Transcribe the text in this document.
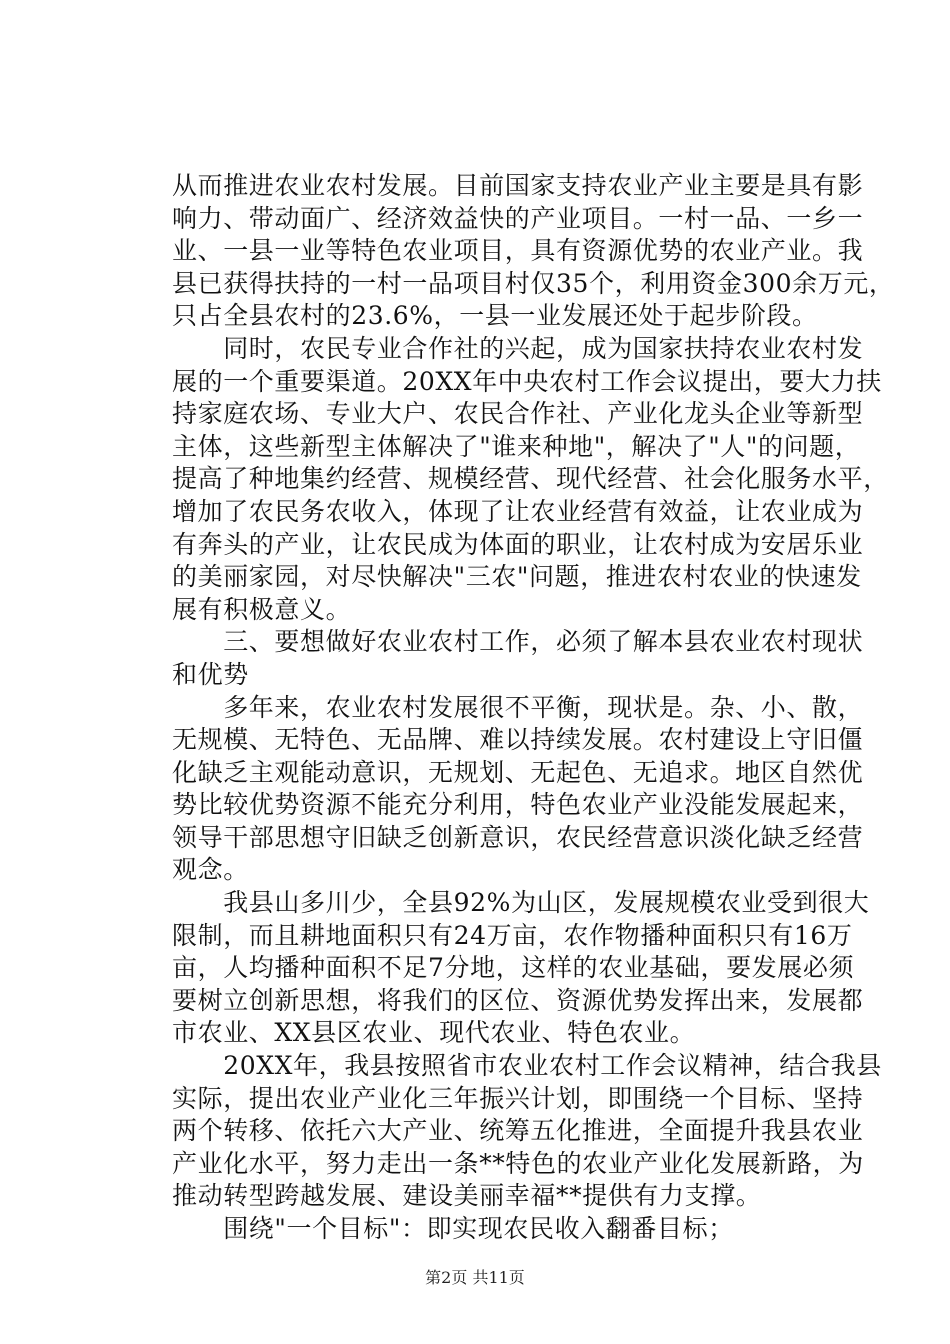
从而推进农业农村发展。目前国家支持农业产业主要是具有影
响力、带动面广、经济效益快的产业项目。一村一品、一乡一
业、一县一业等特色农业项目，具有资源优势的农业产业。我
县已获得扶持的一村一品项目村仅35个，利用资金300余万元，
只占全县农村的23.6%，一县一业发展还处于起步阶段。
　　同时，农民专业合作社的兴起，成为国家扶持农业农村发
展的一个重要渠道。20XX年中央农村工作会议提出，要大力扶
持家庭农场、专业大户、农民合作社、产业化龙头企业等新型
主体，这些新型主体解决了"谁来种地"，解决了"人"的问题，
提高了种地集约经营、规模经营、现代经营、社会化服务水平，
增加了农民务农收入，体现了让农业经营有效益，让农业成为
有奔头的产业，让农民成为体面的职业，让农村成为安居乐业
的美丽家园，对尽快解决"三农"问题，推进农村农业的快速发
展有积极意义。
　　三、要想做好农业农村工作，必须了解本县农业农村现状
和优势
　　多年来，农业农村发展很不平衡，现状是。杂、小、散，
无规模、无特色、无品牌、难以持续发展。农村建设上守旧僵
化缺乏主观能动意识，无规划、无起色、无追求。地区自然优
势比较优势资源不能充分利用，特色农业产业没能发展起来，
领导干部思想守旧缺乏创新意识，农民经营意识淡化缺乏经营
观念。
　　我县山多川少，全县92%为山区，发展规模农业受到很大
限制，而且耕地面积只有24万亩，农作物播种面积只有16万
亩，人均播种面积不足7分地，这样的农业基础，要发展必须
要树立创新思想，将我们的区位、资源优势发挥出来，发展都
市农业、XX县区农业、现代农业、特色农业。
　　20XX年，我县按照省市农业农村工作会议精神，结合我县
实际，提出农业产业化三年振兴计划，即围绕一个目标、坚持
两个转移、依托六大产业、统筹五化推进，全面提升我县农业
产业化水平，努力走出一条**特色的农业产业化发展新路，为
推动转型跨越发展、建设美丽幸福**提供有力支撑。
　　围绕"一个目标"：即实现农民收入翻番目标；
第2页 共11页
